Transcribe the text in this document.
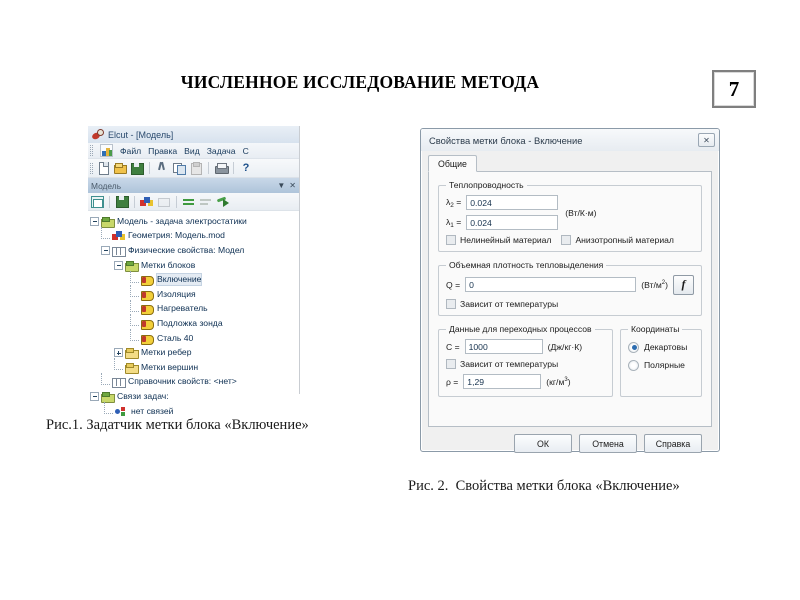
ЧИСЛЕННОЕ ИССЛЕДОВАНИЕ МЕТОДА	7
Elcut - [Модель]
Файл Правка Вид Задача С
?
Модель	▼ ✕
Модель - задача электростатики
Геометрия: Модель.mod
Физические свойства: Модел
Метки блоков
Включение
Изоляция
Нагреватель
Подложка зонда
Сталь 40
Метки ребер
Метки вершин
Справочник свойств: <нет>
Связи задач:
нет связей
Рис.1. Задатчик метки блока «Включение»
Свойства метки блока - Включение	✕
Общие
Теплопроводность
$\lambda_2$ =	0.024
$\lambda_1$ =	0.024
(Вт/К·м)
Нелинейный материал	Анизотропный материал
Объемная плотность тепловыделения
Q =	0	$(Вт/м^2)$	f
Зависит от температуры
Данные для переходных процессов
C =	1000	(Дж/кг·К)
Зависит от температуры
ρ =	1,29	$(кг/м^3)$
Координаты
Декартовы
Полярные
ОК	Отмена	Справка
Рис. 2.  Свойства метки блока «Включение»
